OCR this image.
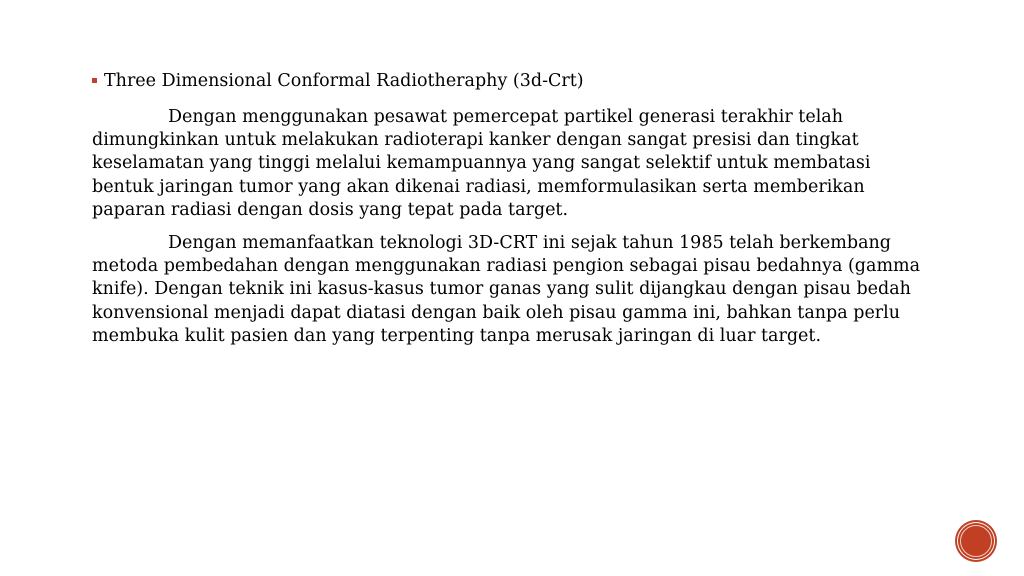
Three Dimensional Conformal Radiotheraphy (3d-Crt)

Dengan menggunakan pesawat pemercepat partikel generasi terakhir telah dimungkinkan untuk melakukan radioterapi kanker dengan sangat presisi dan tingkat keselamatan yang tinggi melalui kemampuannya yang sangat selektif untuk membatasi bentuk jaringan tumor yang akan dikenai radiasi, memformulasikan serta memberikan paparan radiasi dengan dosis yang tepat pada target.

Dengan memanfaatkan teknologi 3D-CRT ini sejak tahun 1985 telah berkembang metoda pembedahan dengan menggunakan radiasi pengion sebagai pisau bedahnya (gamma knife). Dengan teknik ini kasus-kasus tumor ganas yang sulit dijangkau dengan pisau bedah konvensional menjadi dapat diatasi dengan baik oleh pisau gamma ini, bahkan tanpa perlu membuka kulit pasien dan yang terpenting tanpa merusak jaringan di luar target.
